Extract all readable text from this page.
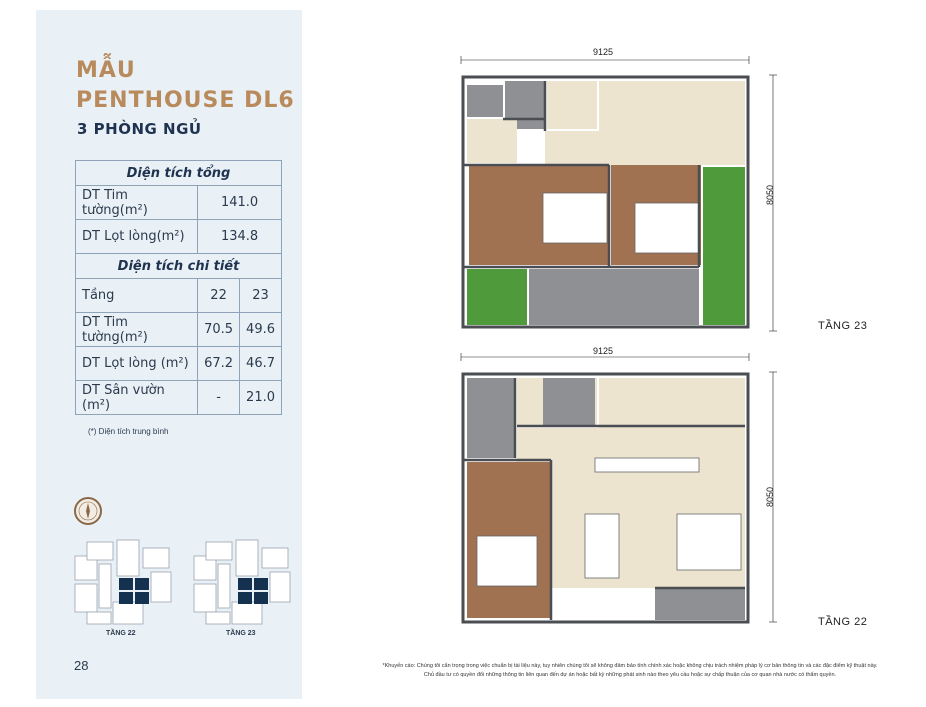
MẪU
PENTHOUSE DL6
3 PHÒNG NGỦ
Diện tích tổng		
DT Tim tường(m²)	141.0	
DT Lọt lòng(m²)	134.8	
Diện tích chi tiết		
Tầng	22	23
DT Tim tường(m²)	70.5	49.6
DT Lọt lòng (m²)	67.2	46.7
DT Sân vườn (m²)	-	21.0
(*) Diện tích trung bình
TẦNG 22	TẦNG 23
28
9125
8050
TẦNG 23
9125
8050
TẦNG 22
*Khuyến cáo: Chúng tôi cẩn trọng trong việc chuẩn bị tài liệu này, tuy nhiên chúng tôi sẽ không đảm bảo tính chính xác hoặc không chịu trách nhiệm pháp lý cơ bản thông tin và các đặc điểm kỹ thuật này.
Chủ đầu tư có quyền đổi những thông tin liên quan đến dự án hoặc bất kỳ những phát sinh nào theo yêu cầu hoặc sự chấp thuận của cơ quan nhà nước có thẩm quyền.
